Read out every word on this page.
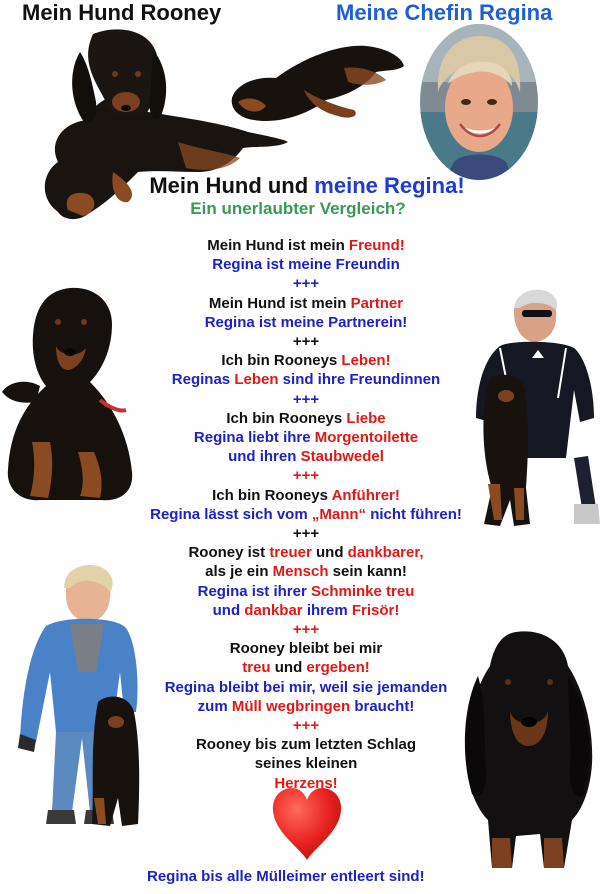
Mein Hund Rooney	Meine Chefin Regina
Mein Hund und meine Regina!
Ein unerlaubter Vergleich?
Mein Hund ist mein Freund!
Regina ist meine Freundin
+++
Mein Hund ist mein Partner
Regina ist meine Partnerein!
+++
Ich bin Rooneys Leben!
Reginas Leben sind ihre Freundinnen
+++
Ich bin Rooneys Liebe
Regina liebt ihre Morgentoilette
und ihren Staubwedel
+++
Ich bin Rooneys Anführer!
Regina lässt sich vom „Mann“ nicht führen!
+++
Rooney ist treuer und dankbarer,
als je ein Mensch sein kann!
Regina ist ihrer Schminke treu
und dankbar ihrem Frisör!
+++
Rooney bleibt bei mir
treu und ergeben!
Regina bleibt bei mir, weil sie jemanden
zum Müll wegbringen braucht!
+++
Rooney bis zum letzten Schlag
seines kleinen
Herzens!
Regina bis alle Mülleimer entleert sind!
